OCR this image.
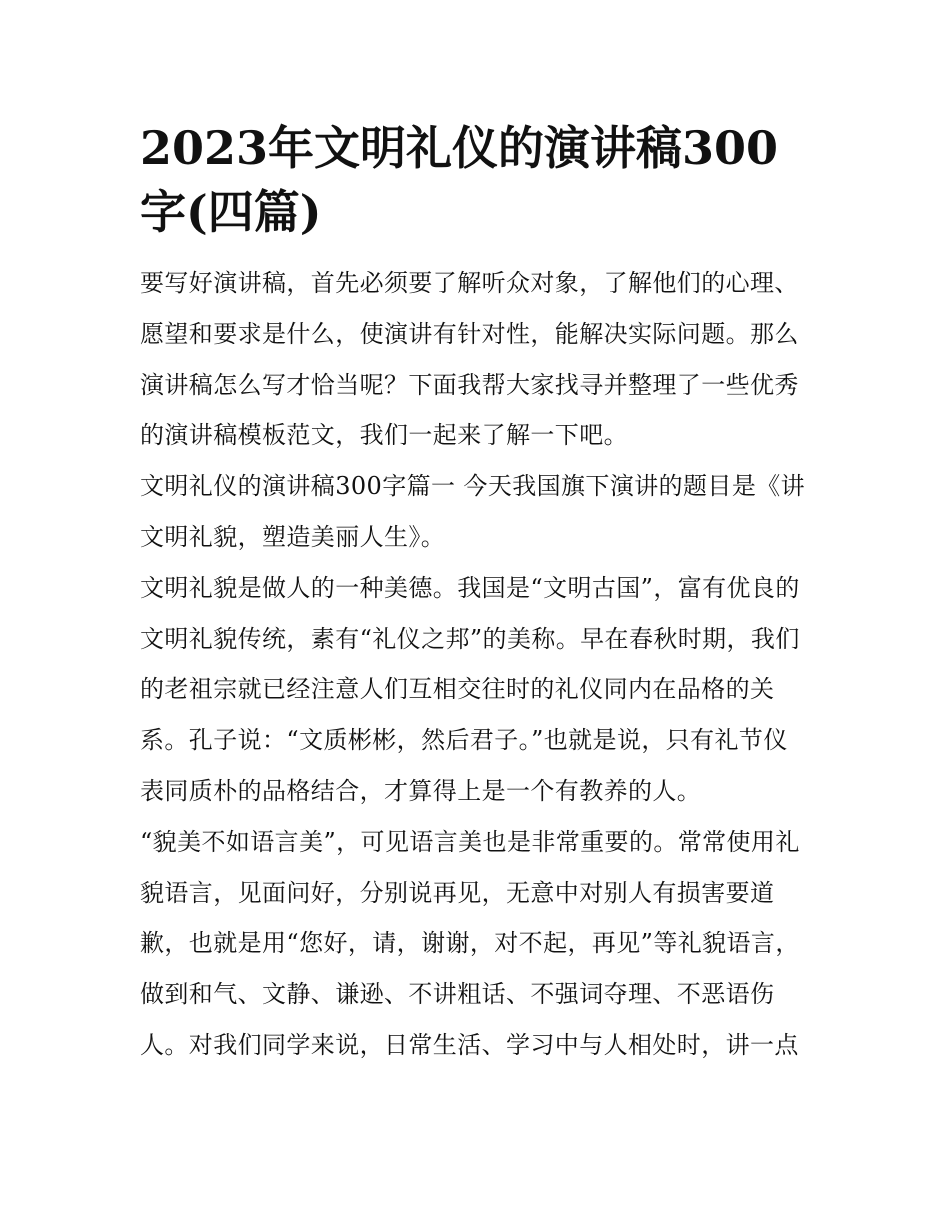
2023年文明礼仪的演讲稿300字(四篇)

要写好演讲稿，首先必须要了解听众对象，了解他们的心理、愿望和要求是什么，使演讲有针对性，能解决实际问题。那么演讲稿怎么写才恰当呢？下面我帮大家找寻并整理了一些优秀的演讲稿模板范文，我们一起来了解一下吧。

文明礼仪的演讲稿300字篇一 今天我国旗下演讲的题目是《讲文明礼貌，塑造美丽人生》。

文明礼貌是做人的一种美德。我国是“文明古国”，富有优良的文明礼貌传统，素有“礼仪之邦”的美称。早在春秋时期，我们的老祖宗就已经注意人们互相交往时的礼仪同内在品格的关系。孔子说：“文质彬彬，然后君子。”也就是说，只有礼节仪表同质朴的品格结合，才算得上是一个有教养的人。

“貌美不如语言美”，可见语言美也是非常重要的。常常使用礼貌语言，见面问好，分别说再见，无意中对别人有损害要道歉，也就是用“您好，请，谢谢，对不起，再见”等礼貌语言，做到和气、文静、谦逊、不讲粗话、不强词夺理、不恶语伤人。对我们同学来说，日常生活、学习中与人相处时，讲一点
